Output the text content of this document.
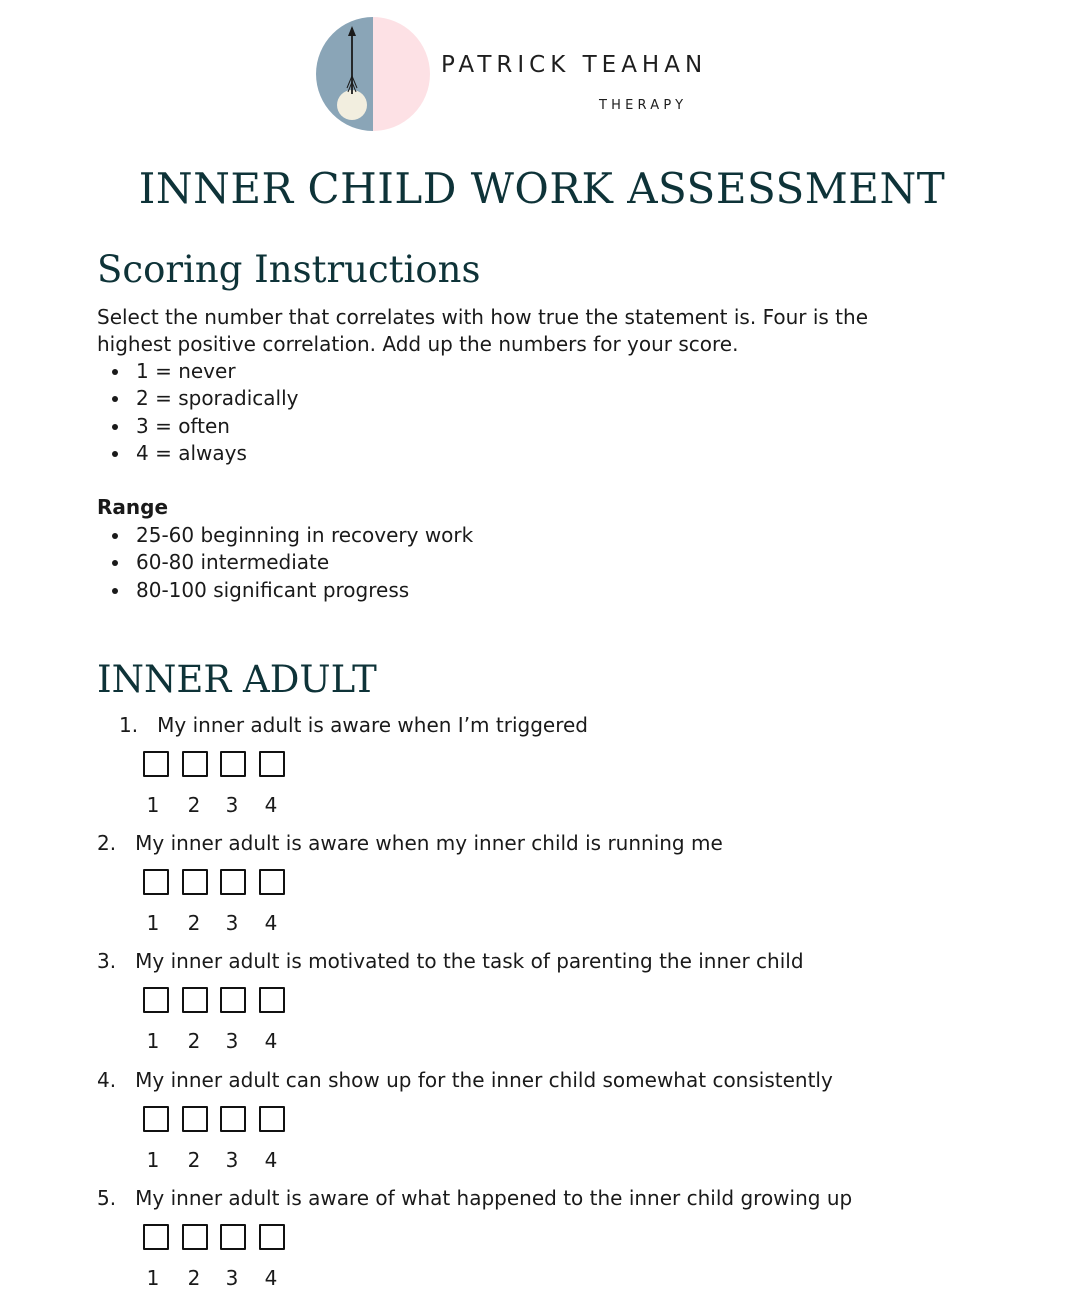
PATRICK TEAHAN
THERAPY
INNER CHILD WORK ASSESSMENT
Scoring Instructions

Select the number that correlates with how true the statement is. Four is the highest positive correlation. Add up the numbers for your score.

1 = never
2 = sporadically
3 = often
4 = always

Range

25-60 beginning in recovery work
60-80 intermediate
80-100 significant progress
INNER ADULT
1.   My inner adult is aware when I’m triggered
1	2	3	4
2.   My inner adult is aware when my inner child is running me
1	2	3	4
3.   My inner adult is motivated to the task of parenting the inner child
1	2	3	4
4.   My inner adult can show up for the inner child somewhat consistently
1	2	3	4
5.   My inner adult is aware of what happened to the inner child growing up
1	2	3	4
